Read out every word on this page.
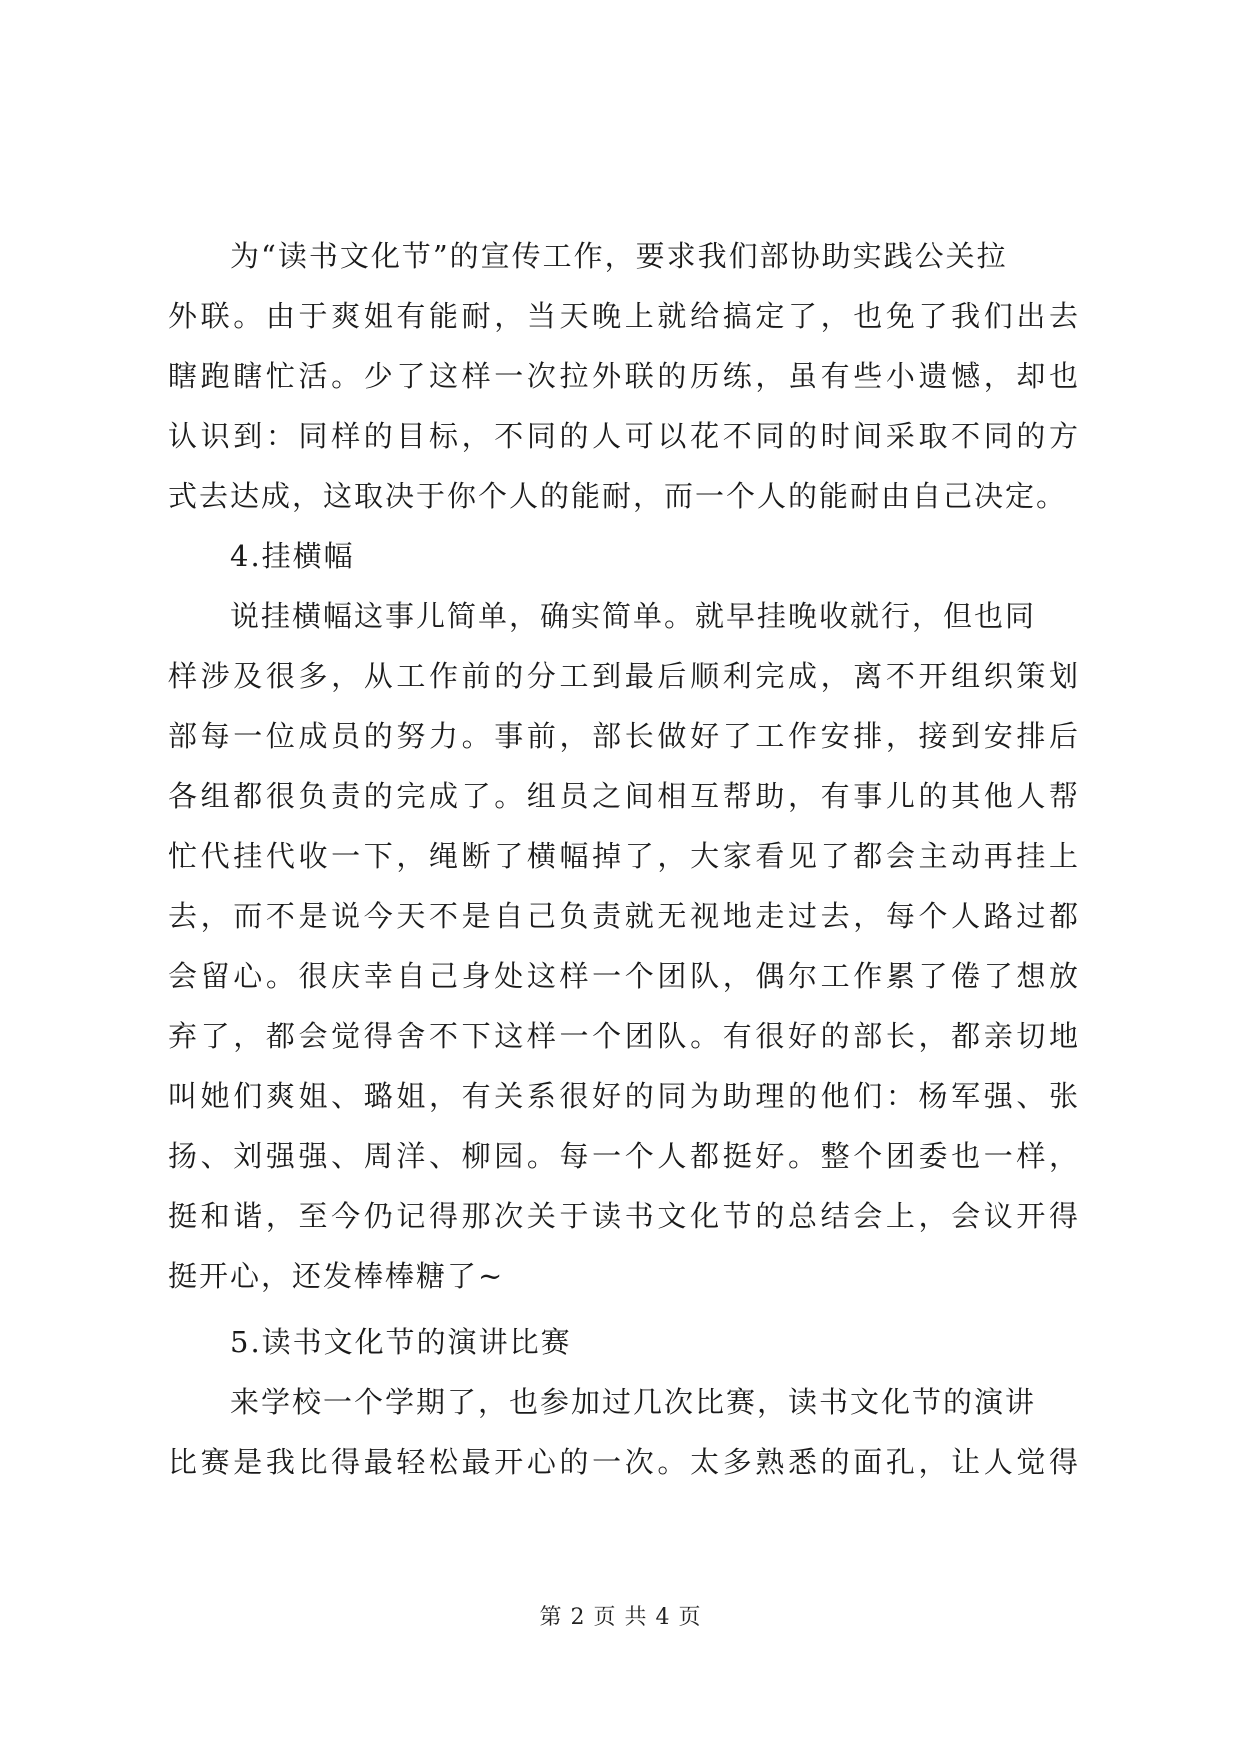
为“读书文化节”的宣传工作，要求我们部协助实践公关拉
外联。由于爽姐有能耐，当天晚上就给搞定了，也免了我们出去
瞎跑瞎忙活。少了这样一次拉外联的历练，虽有些小遗憾，却也
认识到：同样的目标，不同的人可以花不同的时间采取不同的方
式去达成，这取决于你个人的能耐，而一个人的能耐由自己决定。
4.挂横幅
说挂横幅这事儿简单，确实简单。就早挂晚收就行，但也同
样涉及很多，从工作前的分工到最后顺利完成，离不开组织策划
部每一位成员的努力。事前，部长做好了工作安排，接到安排后
各组都很负责的完成了。组员之间相互帮助，有事儿的其他人帮
忙代挂代收一下，绳断了横幅掉了，大家看见了都会主动再挂上
去，而不是说今天不是自己负责就无视地走过去，每个人路过都
会留心。很庆幸自己身处这样一个团队，偶尔工作累了倦了想放
弃了，都会觉得舍不下这样一个团队。有很好的部长，都亲切地
叫她们爽姐、璐姐，有关系很好的同为助理的他们：杨军强、张
扬、刘强强、周洋、柳园。每一个人都挺好。整个团委也一样，
挺和谐，至今仍记得那次关于读书文化节的总结会上，会议开得
挺开心，还发棒棒糖了~
5.读书文化节的演讲比赛
来学校一个学期了，也参加过几次比赛，读书文化节的演讲
比赛是我比得最轻松最开心的一次。太多熟悉的面孔，让人觉得
第 2 页 共 4 页
